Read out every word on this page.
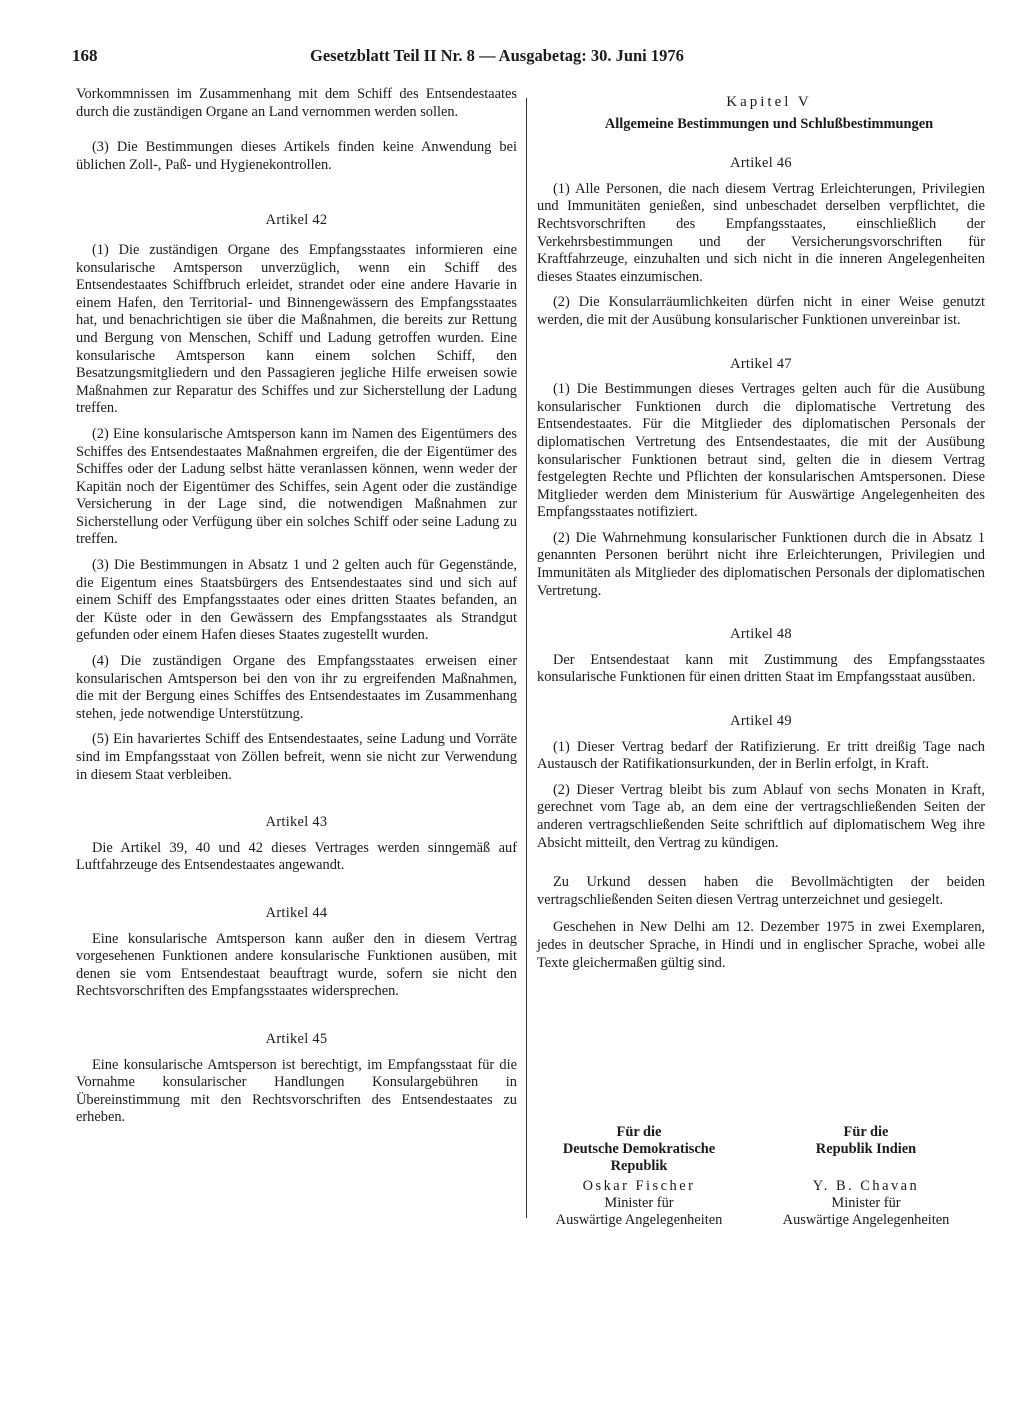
168	Gesetzblatt Teil II Nr. 8 — Ausgabetag: 30. Juni 1976

Vorkommnissen im Zusammenhang mit dem Schiff des Entsendestaates durch die zuständigen Organe an Land vernommen werden sollen.

(3) Die Bestimmungen dieses Artikels finden keine Anwendung bei üblichen Zoll-, Paß- und Hygienekontrollen.

Artikel 42

(1) Die zuständigen Organe des Empfangsstaates informieren eine konsularische Amtsperson unverzüglich, wenn ein Schiff des Entsendestaates Schiffbruch erleidet, strandet oder eine andere Havarie in einem Hafen, den Territorial- und Binnengewässern des Empfangsstaates hat, und benachrichtigen sie über die Maßnahmen, die bereits zur Rettung und Bergung von Menschen, Schiff und Ladung getroffen wurden. Eine konsularische Amtsperson kann einem solchen Schiff, den Besatzungsmitgliedern und den Passagieren jegliche Hilfe erweisen sowie Maßnahmen zur Reparatur des Schiffes und zur Sicherstellung der Ladung treffen.

(2) Eine konsularische Amtsperson kann im Namen des Eigentümers des Schiffes des Entsendestaates Maßnahmen ergreifen, die der Eigentümer des Schiffes oder der Ladung selbst hätte veranlassen können, wenn weder der Kapitän noch der Eigentümer des Schiffes, sein Agent oder die zuständige Versicherung in der Lage sind, die notwendigen Maßnahmen zur Sicherstellung oder Verfügung über ein solches Schiff oder seine Ladung zu treffen.

(3) Die Bestimmungen in Absatz 1 und 2 gelten auch für Gegenstände, die Eigentum eines Staatsbürgers des Entsendestaates sind und sich auf einem Schiff des Empfangsstaates oder eines dritten Staates befanden, an der Küste oder in den Gewässern des Empfangsstaates als Strandgut gefunden oder einem Hafen dieses Staates zugestellt wurden.

(4) Die zuständigen Organe des Empfangsstaates erweisen einer konsularischen Amtsperson bei den von ihr zu ergreifenden Maßnahmen, die mit der Bergung eines Schiffes des Entsendestaates im Zusammenhang stehen, jede notwendige Unterstützung.

(5) Ein havariertes Schiff des Entsendestaates, seine Ladung und Vorräte sind im Empfangsstaat von Zöllen befreit, wenn sie nicht zur Verwendung in diesem Staat verbleiben.

Artikel 43

Die Artikel 39, 40 und 42 dieses Vertrages werden sinngemäß auf Luftfahrzeuge des Entsendestaates angewandt.

Artikel 44

Eine konsularische Amtsperson kann außer den in diesem Vertrag vorgesehenen Funktionen andere konsularische Funktionen ausüben, mit denen sie vom Entsendestaat beauftragt wurde, sofern sie nicht den Rechtsvorschriften des Empfangsstaates widersprechen.

Artikel 45

Eine konsularische Amtsperson ist berechtigt, im Empfangsstaat für die Vornahme konsularischer Handlungen Konsulargebühren in Übereinstimmung mit den Rechtsvorschriften des Entsendestaates zu erheben.

Kapitel V

Allgemeine Bestimmungen und Schlußbestimmungen

Artikel 46

(1) Alle Personen, die nach diesem Vertrag Erleichterungen, Privilegien und Immunitäten genießen, sind unbeschadet derselben verpflichtet, die Rechtsvorschriften des Empfangsstaates, einschließlich der Verkehrsbestimmungen und der Versicherungsvorschriften für Kraftfahrzeuge, einzuhalten und sich nicht in die inneren Angelegenheiten dieses Staates einzumischen.

(2) Die Konsularräumlichkeiten dürfen nicht in einer Weise genutzt werden, die mit der Ausübung konsularischer Funktionen unvereinbar ist.

Artikel 47

(1) Die Bestimmungen dieses Vertrages gelten auch für die Ausübung konsularischer Funktionen durch die diplomatische Vertretung des Entsendestaates. Für die Mitglieder des diplomatischen Personals der diplomatischen Vertretung des Entsendestaates, die mit der Ausübung konsularischer Funktionen betraut sind, gelten die in diesem Vertrag festgelegten Rechte und Pflichten der konsularischen Amtspersonen. Diese Mitglieder werden dem Ministerium für Auswärtige Angelegenheiten des Empfangsstaates notifiziert.

(2) Die Wahrnehmung konsularischer Funktionen durch die in Absatz 1 genannten Personen berührt nicht ihre Erleichterungen, Privilegien und Immunitäten als Mitglieder des diplomatischen Personals der diplomatischen Vertretung.

Artikel 48

Der Entsendestaat kann mit Zustimmung des Empfangsstaates konsularische Funktionen für einen dritten Staat im Empfangsstaat ausüben.

Artikel 49

(1) Dieser Vertrag bedarf der Ratifizierung. Er tritt dreißig Tage nach Austausch der Ratifikationsurkunden, der in Berlin erfolgt, in Kraft.

(2) Dieser Vertrag bleibt bis zum Ablauf von sechs Monaten in Kraft, gerechnet vom Tage ab, an dem eine der vertragschließenden Seiten der anderen vertragschließenden Seite schriftlich auf diplomatischem Weg ihre Absicht mitteilt, den Vertrag zu kündigen.

Zu Urkund dessen haben die Bevollmächtigten der beiden vertragschließenden Seiten diesen Vertrag unterzeichnet und gesiegelt.

Geschehen in New Delhi am 12. Dezember 1975 in zwei Exemplaren, jedes in deutscher Sprache, in Hindi und in englischer Sprache, wobei alle Texte gleichermaßen gültig sind.

Für die
Deutsche Demokratische
Republik
Oskar Fischer
Minister für
Auswärtige Angelegenheiten
Für die
Republik Indien
Y. B. Chavan
Minister für
Auswärtige Angelegenheiten
